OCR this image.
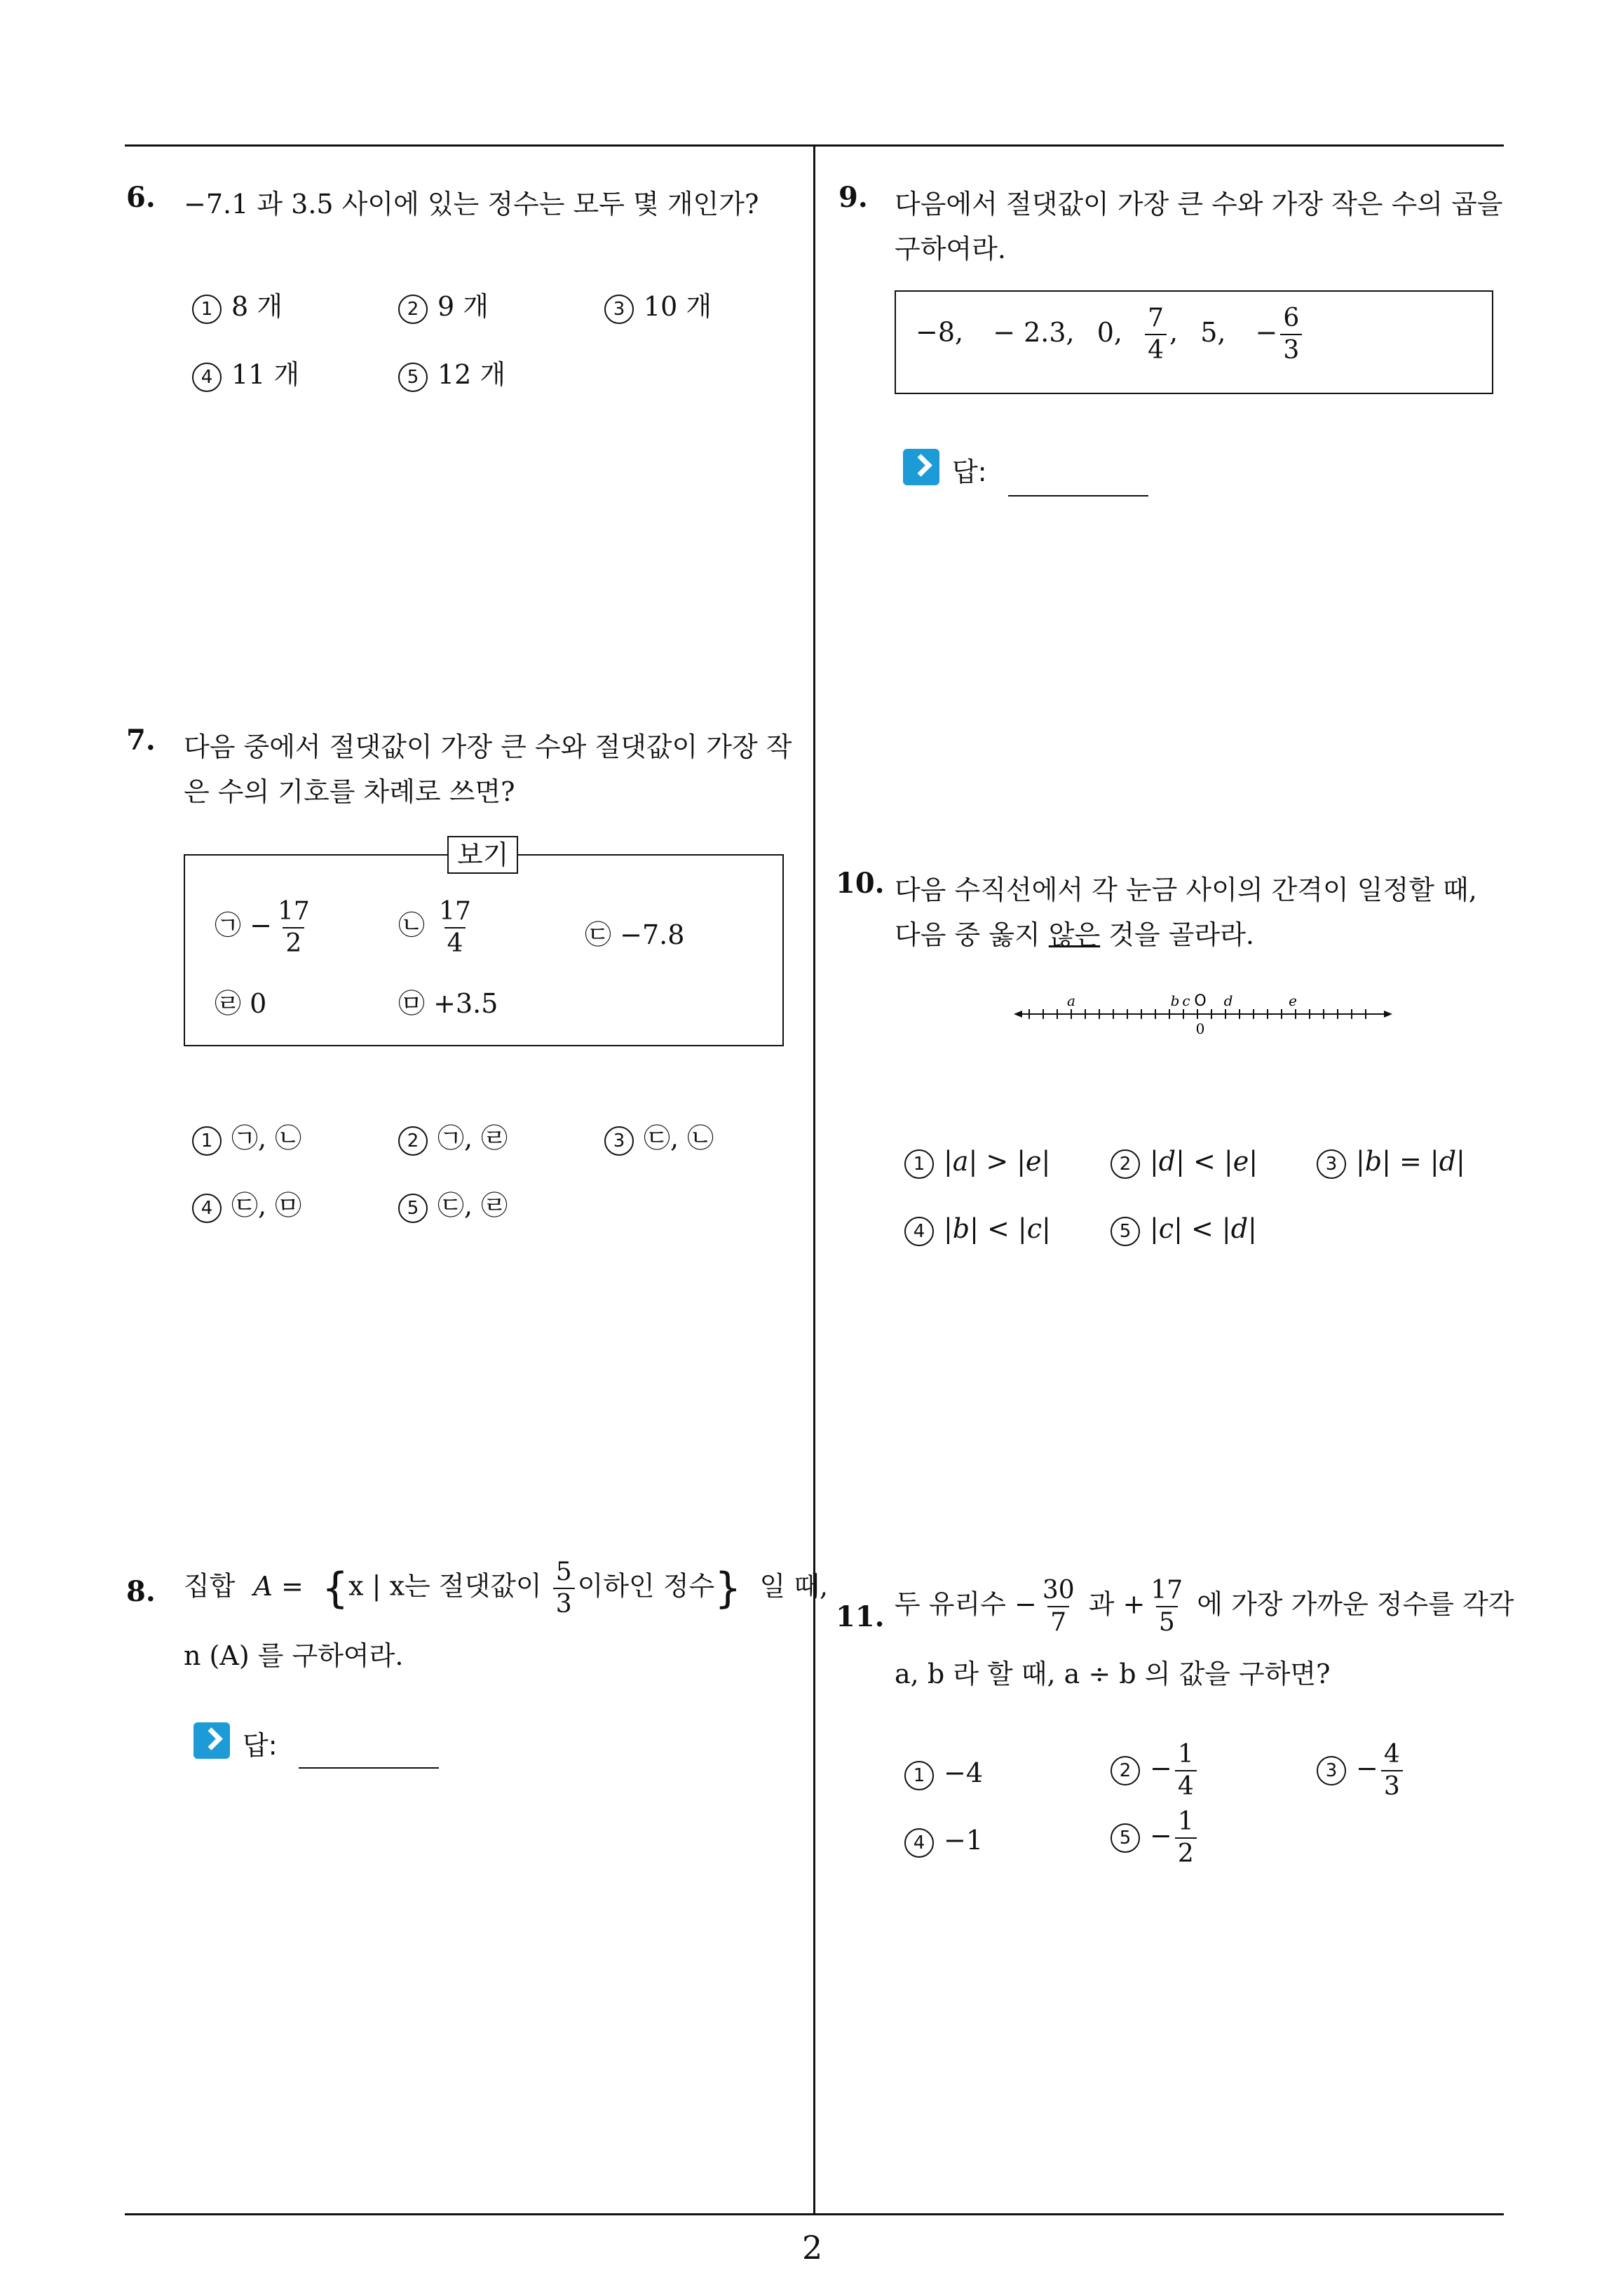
2
6. −7.1 과 3.5 사이에 있는 정수는 모두 몇 개인가?
1 8 개	2 9 개	3 10 개
4 11 개	5 12 개
7. 다음 중에서 절댓값이 가장 큰 수와 절댓값이 가장 작
은 수의 기호를 차례로 쓰면?
보기
㉠ − $\frac{17}{2}$	㉡ $\frac{17}{4}$	㉢ −7.8
㉣ 0	㉤ +3.5
1 ㉠, ㉡	2 ㉠, ㉣	3 ㉢, ㉡
4 ㉢, ㉤	5 ㉢, ㉣
8. 집합 A = {x | x는 절댓값이 $\frac{5}{3}$ 이하인 정수} 일 때,
n (A) 를 구하여라.
답:
9. 다음에서 절댓값이 가장 큰 수와 가장 작은 수의 곱을
구하여라.
−8, − 2.3, 0, $\frac{7}{4}$ , 5, − $\frac{6}{3}$
답:
10. 다음 수직선에서 각 눈금 사이의 간격이 일정할 때,
다음 중 옳지 않은 것을 골라라.
a	b c O d	e
0
1 |a| > |e|	2 |d| < |e|	3 |b| = |d|
4 |b| < |c|	5 |c| < |d|
11. 두 유리수 − $\frac{30}{7}$ 과 + $\frac{17}{5}$ 에 가장 가까운 정수를 각각
a, b 라 할 때, a ÷ b 의 값을 구하면?
1 −4	$2 - \frac{1}{4}$	$3 - \frac{4}{3}$
4 −1	$5 - \frac{1}{2}$
